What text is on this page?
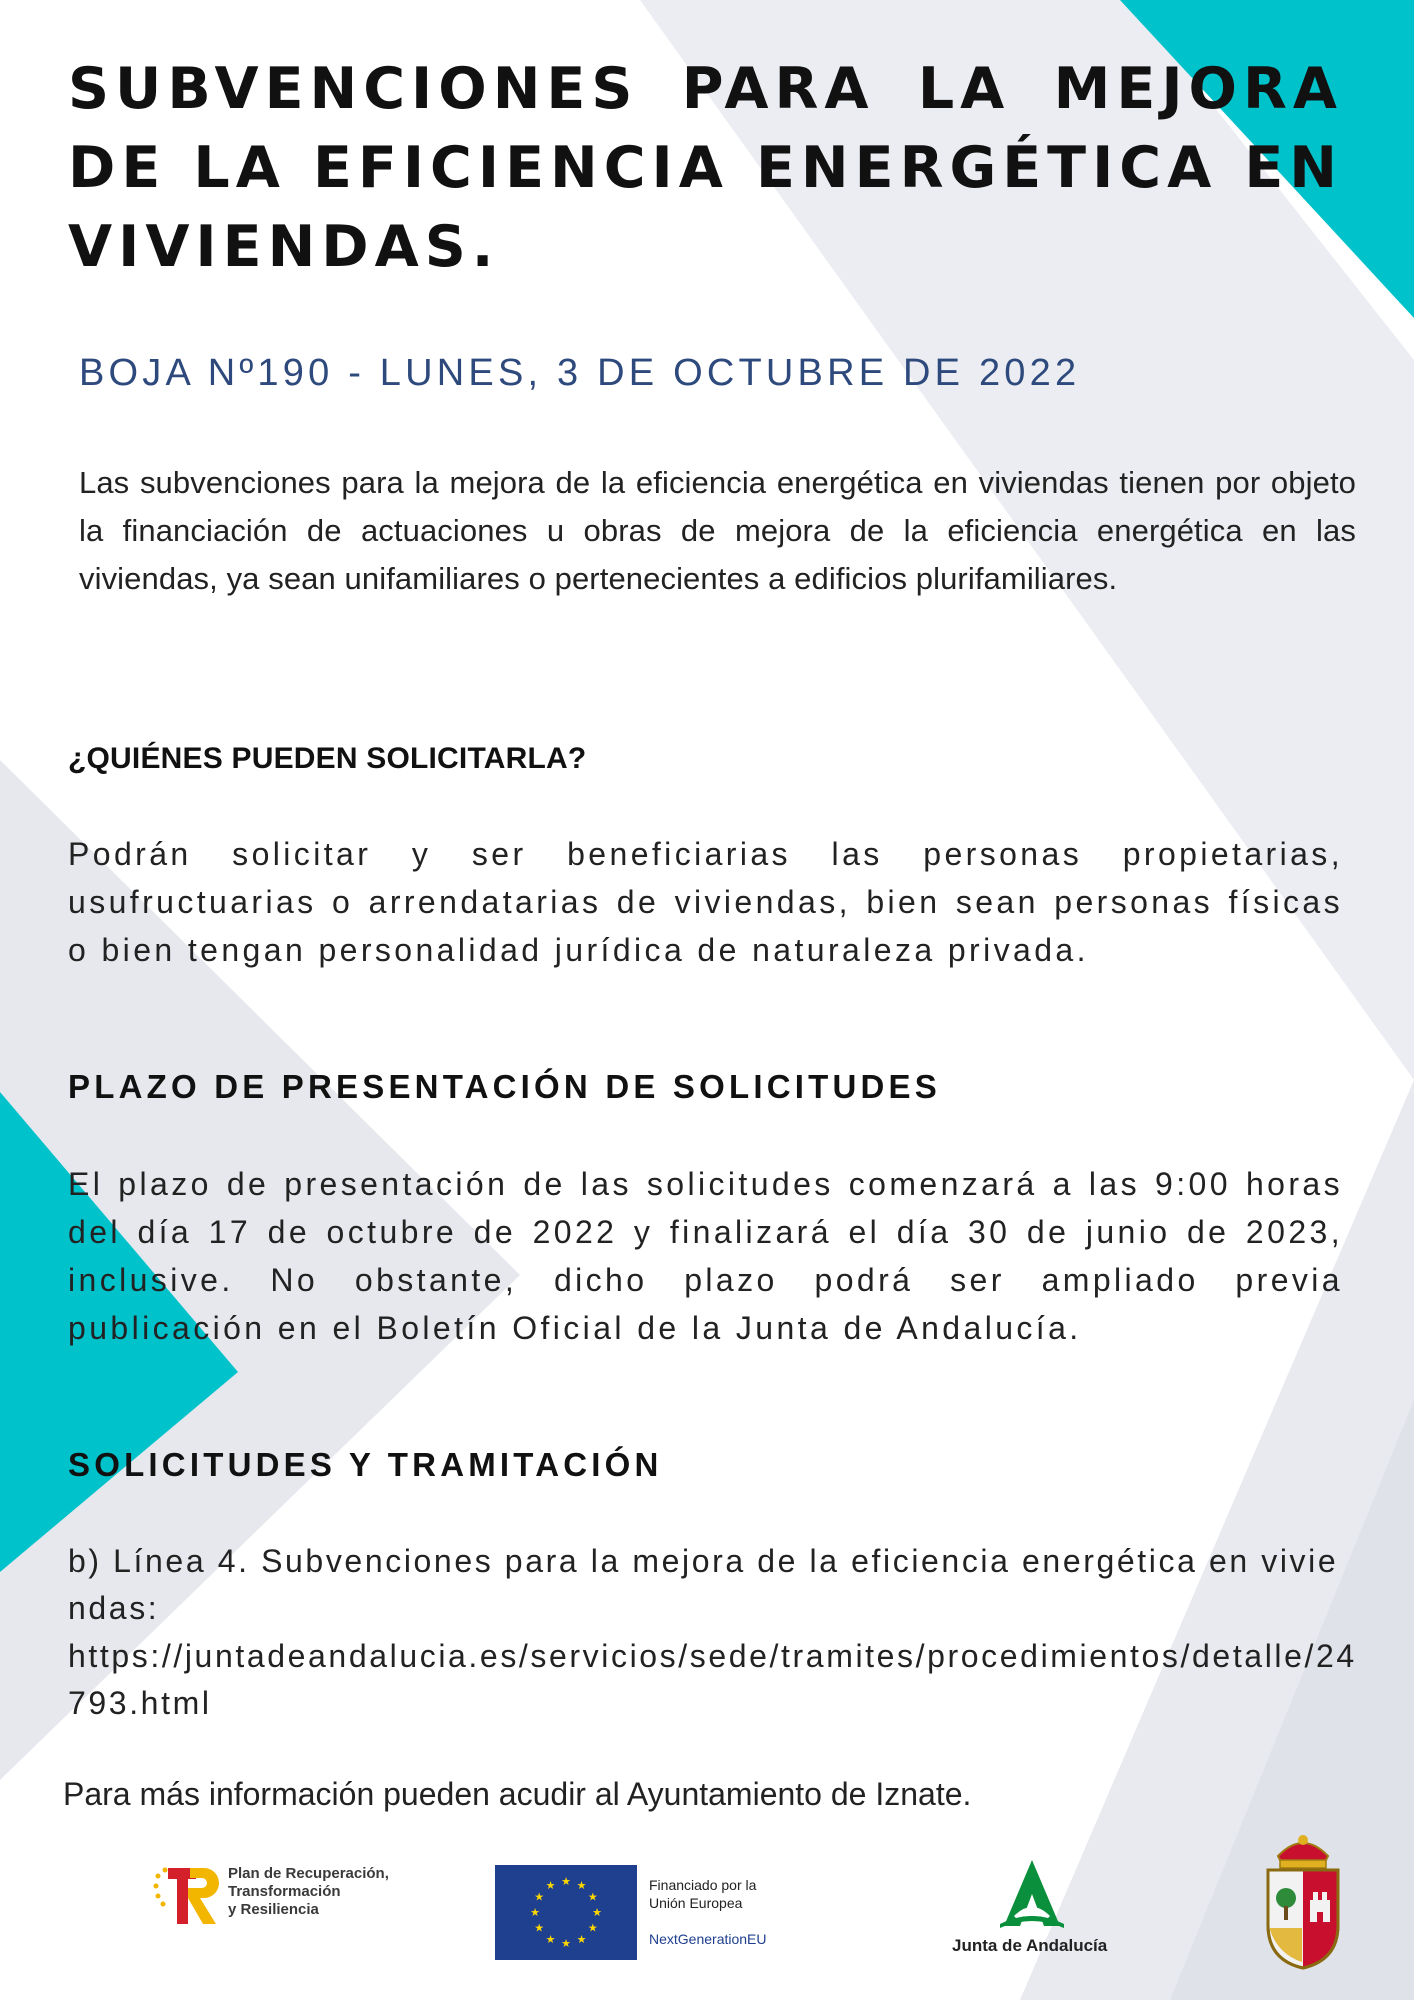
SUBVENCIONES PARA LA MEJORA DE LA EFICIENCIA ENERGÉTICA EN VIVIENDAS.
BOJA Nº190 - LUNES, 3 DE OCTUBRE DE 2022

Las subvenciones para la mejora de la eficiencia energética en viviendas tienen por objeto la financiación de actuaciones u obras de mejora de la eficiencia energética en las viviendas, ya sean unifamiliares o pertenecientes a edificios plurifamiliares.

¿QUIÉNES PUEDEN SOLICITARLA?

Podrán solicitar y ser beneficiarias las personas propietarias, usufructuarias o arrendatarias de viviendas, bien sean personas físicas o bien tengan personalidad jurídica de naturaleza privada.

PLAZO DE PRESENTACIÓN DE SOLICITUDES

El plazo de presentación de las solicitudes comenzará a las 9:00 horas del día 17 de octubre de 2022 y finalizará el día 30 de junio de 2023, inclusive. No obstante, dicho plazo podrá ser ampliado previa publicación en el Boletín Oficial de la Junta de Andalucía.

SOLICITUDES Y TRAMITACIÓN

b) Línea 4. Subvenciones para la mejora de la eficiencia energética en viviendas:

https://juntadeandalucia.es/servicios/sede/tramites/procedimientos/detalle/24793.html

Para más información pueden acudir al Ayuntamiento de Iznate.

Plan de Recuperación,
Transformación
y Resiliencia
★ ★
★
★
★
★
★
★
★
★
★
★	Financiado por la
Unión Europea
NextGenerationEU	Junta de Andalucía
